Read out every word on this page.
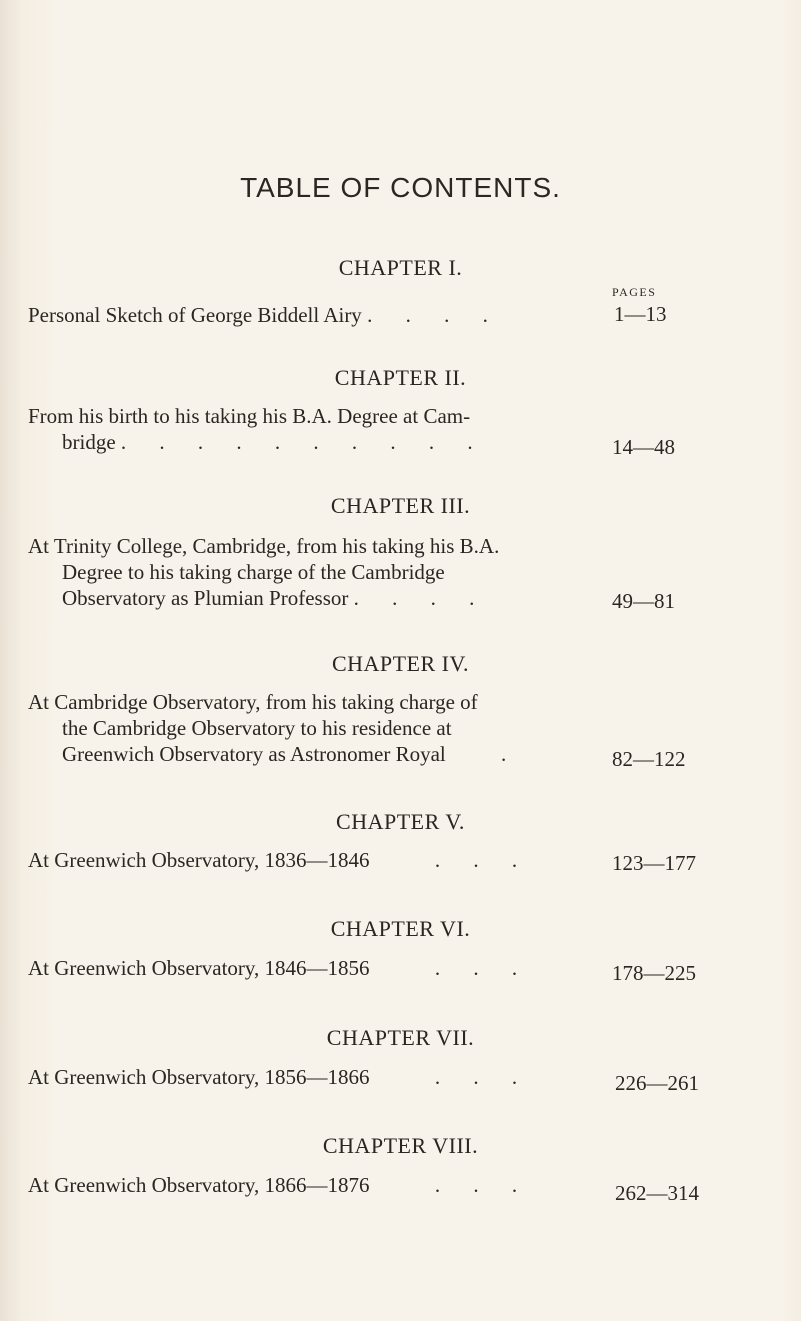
TABLE OF CONTENTS.
CHAPTER I.
PAGES
Personal Sketch of George Biddell Airy . . . .	1—13
CHAPTER II.
From his birth to his taking his B.A. Degree at Cam-
bridge . . . . . . . . . .	14—48
CHAPTER III.
At Trinity College, Cambridge, from his taking his B.A.
Degree to his taking charge of the Cambridge
Observatory as Plumian Professor . . . .	49—81
CHAPTER IV.
At Cambridge Observatory, from his taking charge of
the Cambridge Observatory to his residence at
Greenwich Observatory as Astronomer Royal	.	82—122
CHAPTER V.
At Greenwich Observatory, 1836—1846	. . .	123—177
CHAPTER VI.
At Greenwich Observatory, 1846—1856	. . .	178—225
CHAPTER VII.
At Greenwich Observatory, 1856—1866	. . .	226—261
CHAPTER VIII.
At Greenwich Observatory, 1866—1876	. . .	262—314
